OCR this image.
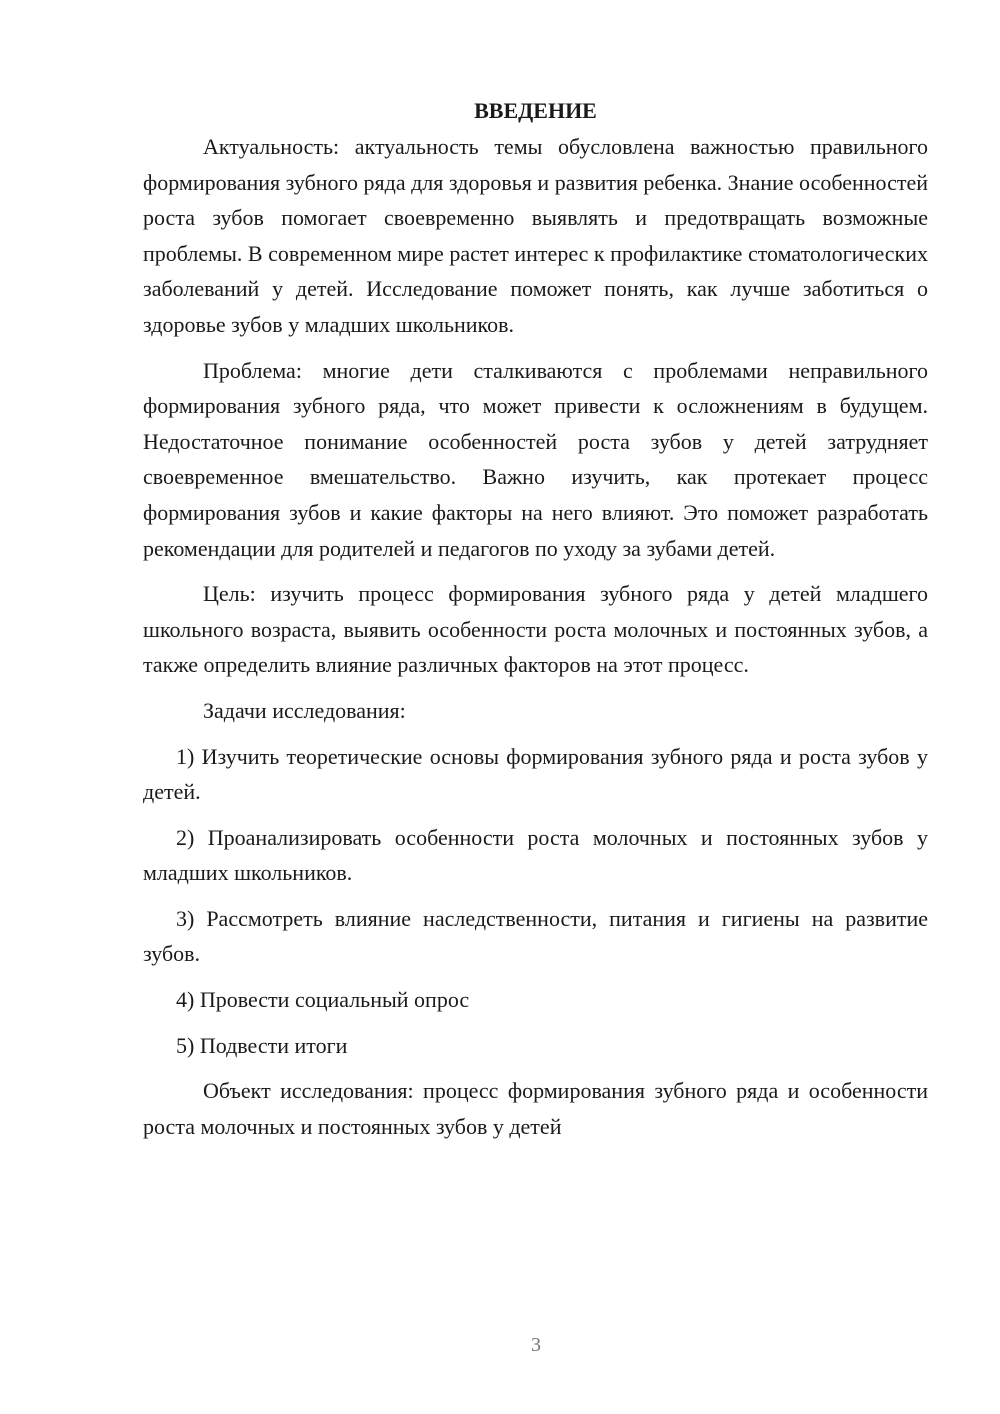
ВВЕДЕНИЕ

Актуальность: актуальность темы обусловлена важностью правильного формирования зубного ряда для здоровья и развития ребенка. Знание особенностей роста зубов помогает своевременно выявлять и предотвращать возможные проблемы. В современном мире растет интерес к профилактике стоматологических заболеваний у детей. Исследование поможет понять, как лучше заботиться о здоровье зубов у младших школьников.

Проблема: многие дети сталкиваются с проблемами неправильного формирования зубного ряда, что может привести к осложнениям в будущем. Недостаточное понимание особенностей роста зубов у детей затрудняет своевременное вмешательство. Важно изучить, как протекает процесс формирования зубов и какие факторы на него влияют. Это поможет разработать рекомендации для родителей и педагогов по уходу за зубами детей.

Цель: изучить процесс формирования зубного ряда у детей младшего школьного возраста, выявить особенности роста молочных и постоянных зубов, а также определить влияние различных факторов на этот процесс.

Задачи исследования:

1) Изучить теоретические основы формирования зубного ряда и роста зубов у детей.

2) Проанализировать особенности роста молочных и постоянных зубов у младших школьников.

3) Рассмотреть влияние наследственности, питания и гигиены на развитие зубов.

4) Провести социальный опрос

5) Подвести итоги

Объект исследования: процесс формирования зубного ряда и особенности роста молочных и постоянных зубов у детей

3
